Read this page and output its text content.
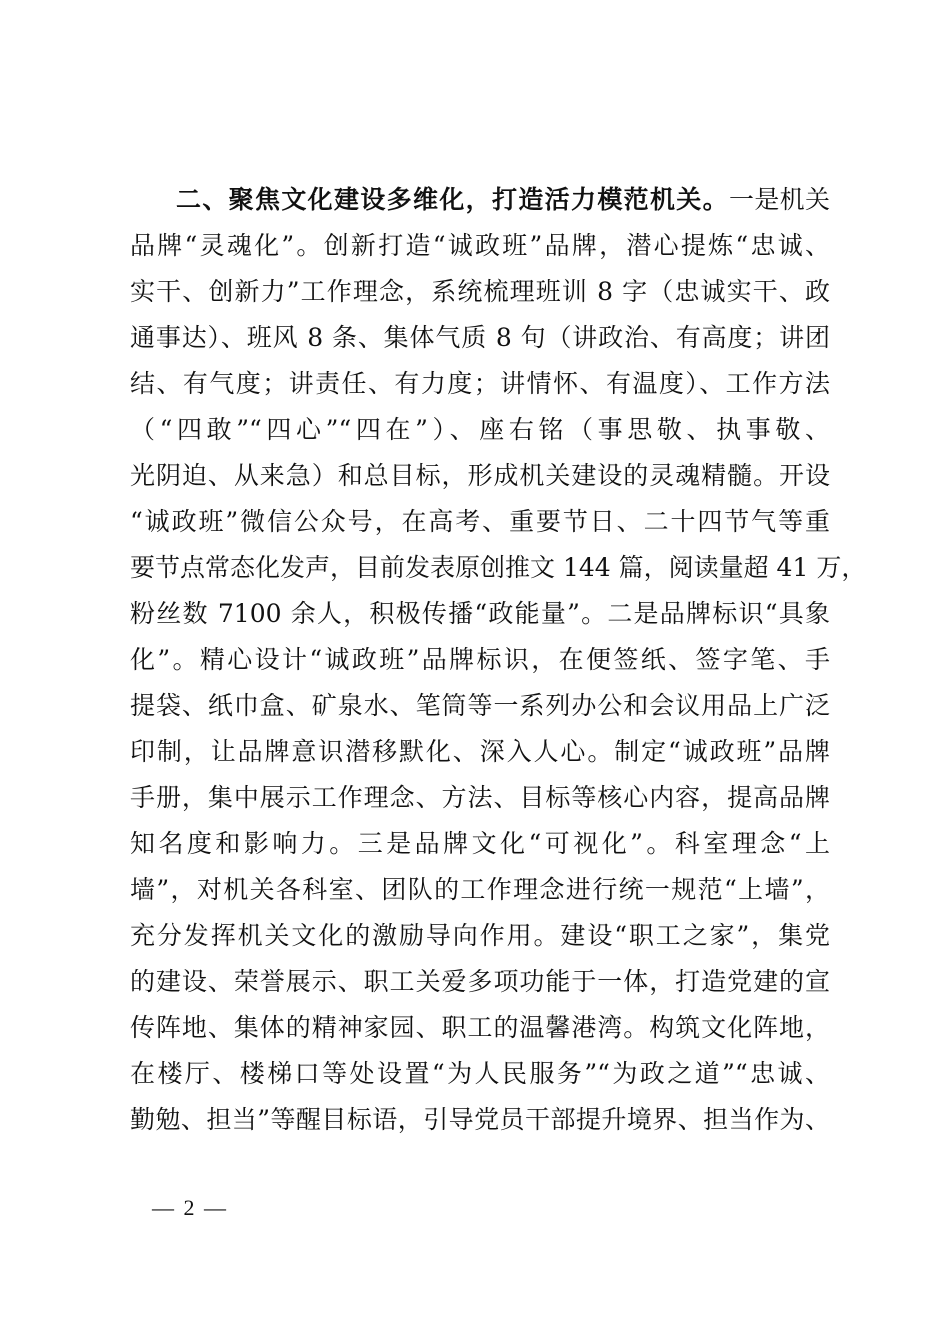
二、聚焦文化建设多维化，打造活力模范机关。一是机关
品牌“灵魂化”。创新打造“诚政班”品牌，潜心提炼“忠诚、
实干、创新力”工作理念，系统梳理班训 8 字（忠诚实干、政
通事达）、班风 8 条、集体气质 8 句（讲政治、有高度；讲团
结、有气度；讲责任、有力度；讲情怀、有温度）、工作方法
（“四敢”“四心”“四在”）、座右铭（事思敬、执事敬、
光阴迫、从来急）和总目标，形成机关建设的灵魂精髓。开设
“诚政班”微信公众号，在高考、重要节日、二十四节气等重
要节点常态化发声，目前发表原创推文 144 篇，阅读量超 41 万，
粉丝数 7100 余人，积极传播“政能量”。二是品牌标识“具象
化”。精心设计“诚政班”品牌标识，在便签纸、签字笔、手
提袋、纸巾盒、矿泉水、笔筒等一系列办公和会议用品上广泛
印制，让品牌意识潜移默化、深入人心。制定“诚政班”品牌
手册，集中展示工作理念、方法、目标等核心内容，提高品牌
知名度和影响力。三是品牌文化“可视化”。科室理念“上
墙”，对机关各科室、团队的工作理念进行统一规范“上墙”，
充分发挥机关文化的激励导向作用。建设“职工之家”，集党
的建设、荣誉展示、职工关爱多项功能于一体，打造党建的宣
传阵地、集体的精神家园、职工的温馨港湾。构筑文化阵地，
在楼厅、楼梯口等处设置“为人民服务”“为政之道”“忠诚、
勤勉、担当”等醒目标语，引导党员干部提升境界、担当作为、
— 2 —
